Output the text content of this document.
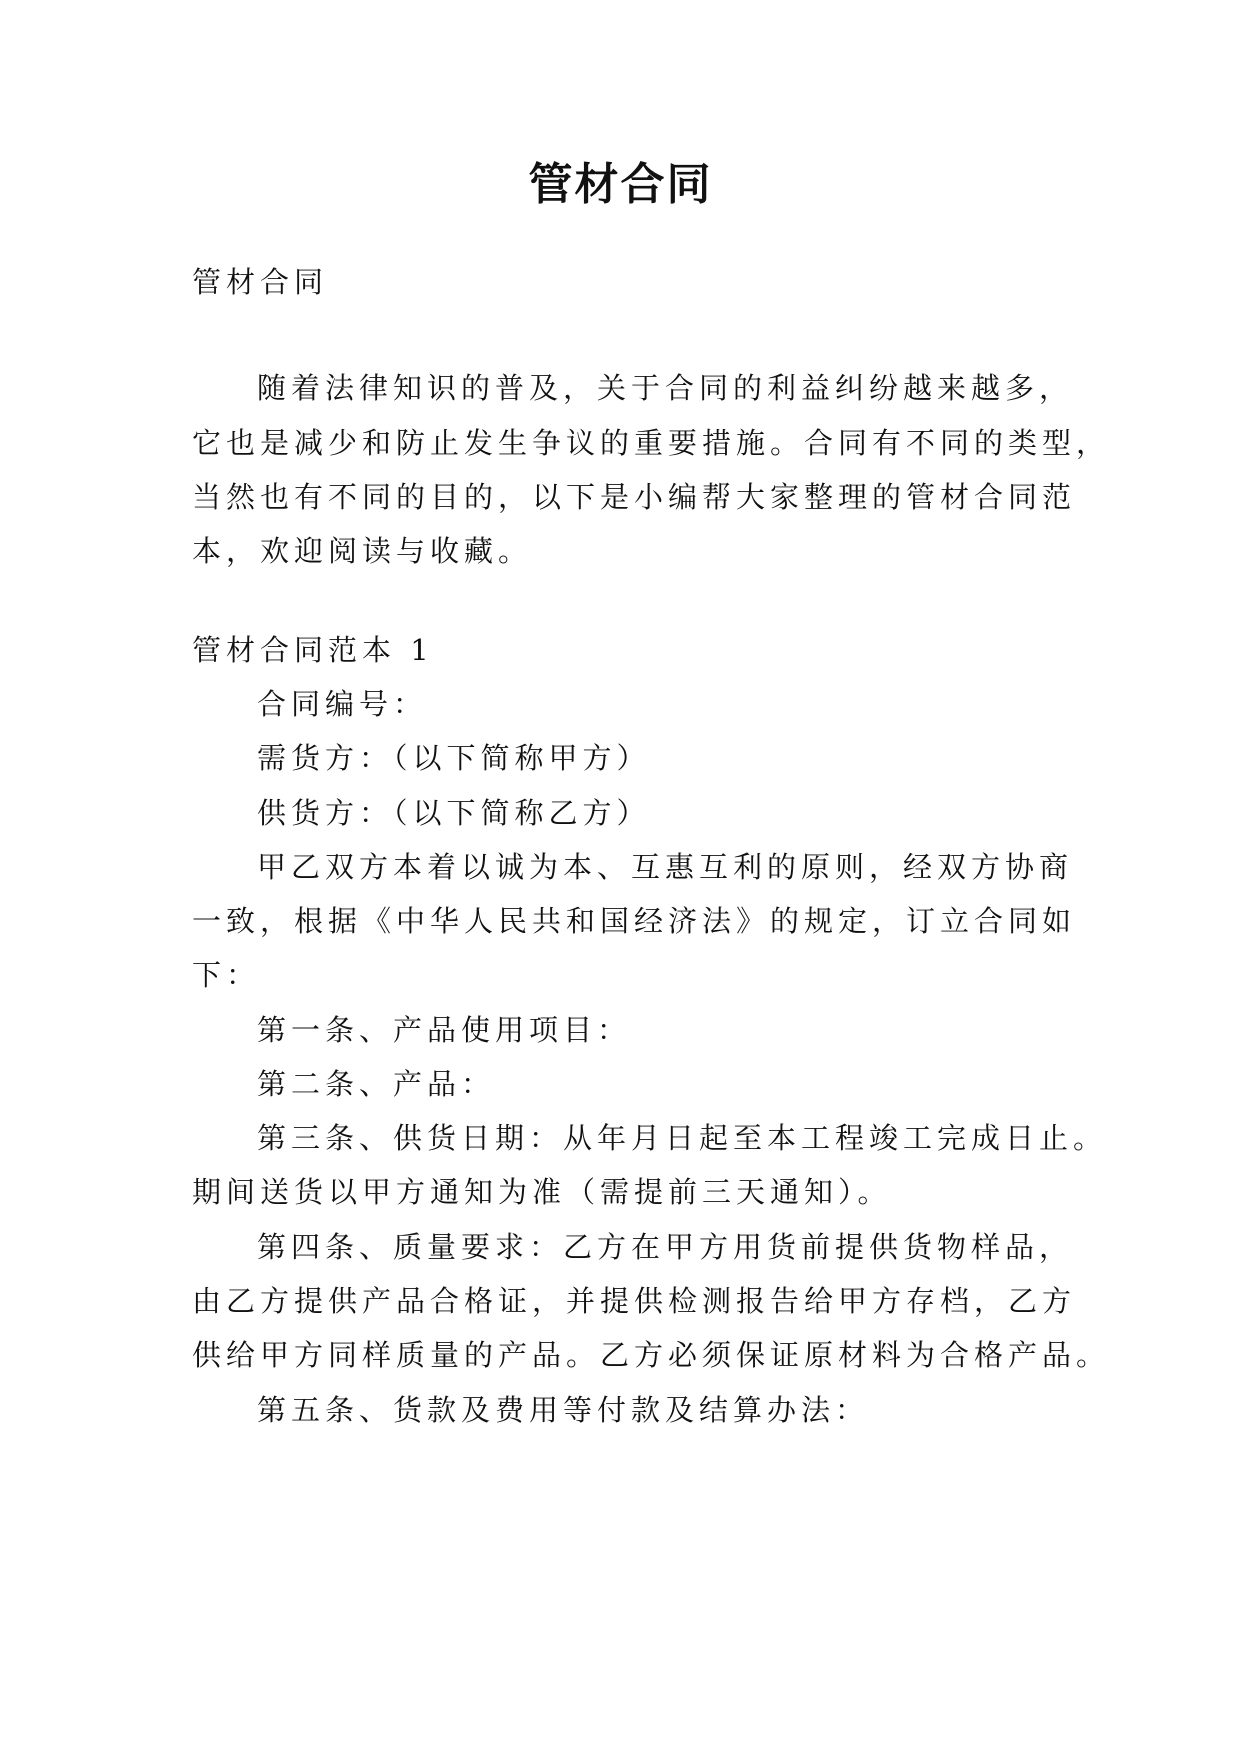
管材合同
管材合同
随着法律知识的普及，关于合同的利益纠纷越来越多，
它也是减少和防止发生争议的重要措施。合同有不同的类型，
当然也有不同的目的，以下是小编帮大家整理的管材合同范
本，欢迎阅读与收藏。
管材合同范本 1
合同编号：
需货方：（以下简称甲方）
供货方：（以下简称乙方）
甲乙双方本着以诚为本、互惠互利的原则，经双方协商
一致，根据《中华人民共和国经济法》的规定，订立合同如
下：
第一条、产品使用项目：
第二条、产品：
第三条、供货日期：从年月日起至本工程竣工完成日止。
期间送货以甲方通知为准（需提前三天通知）。
第四条、质量要求：乙方在甲方用货前提供货物样品，
由乙方提供产品合格证，并提供检测报告给甲方存档，乙方
供给甲方同样质量的产品。乙方必须保证原材料为合格产品。
第五条、货款及费用等付款及结算办法：
